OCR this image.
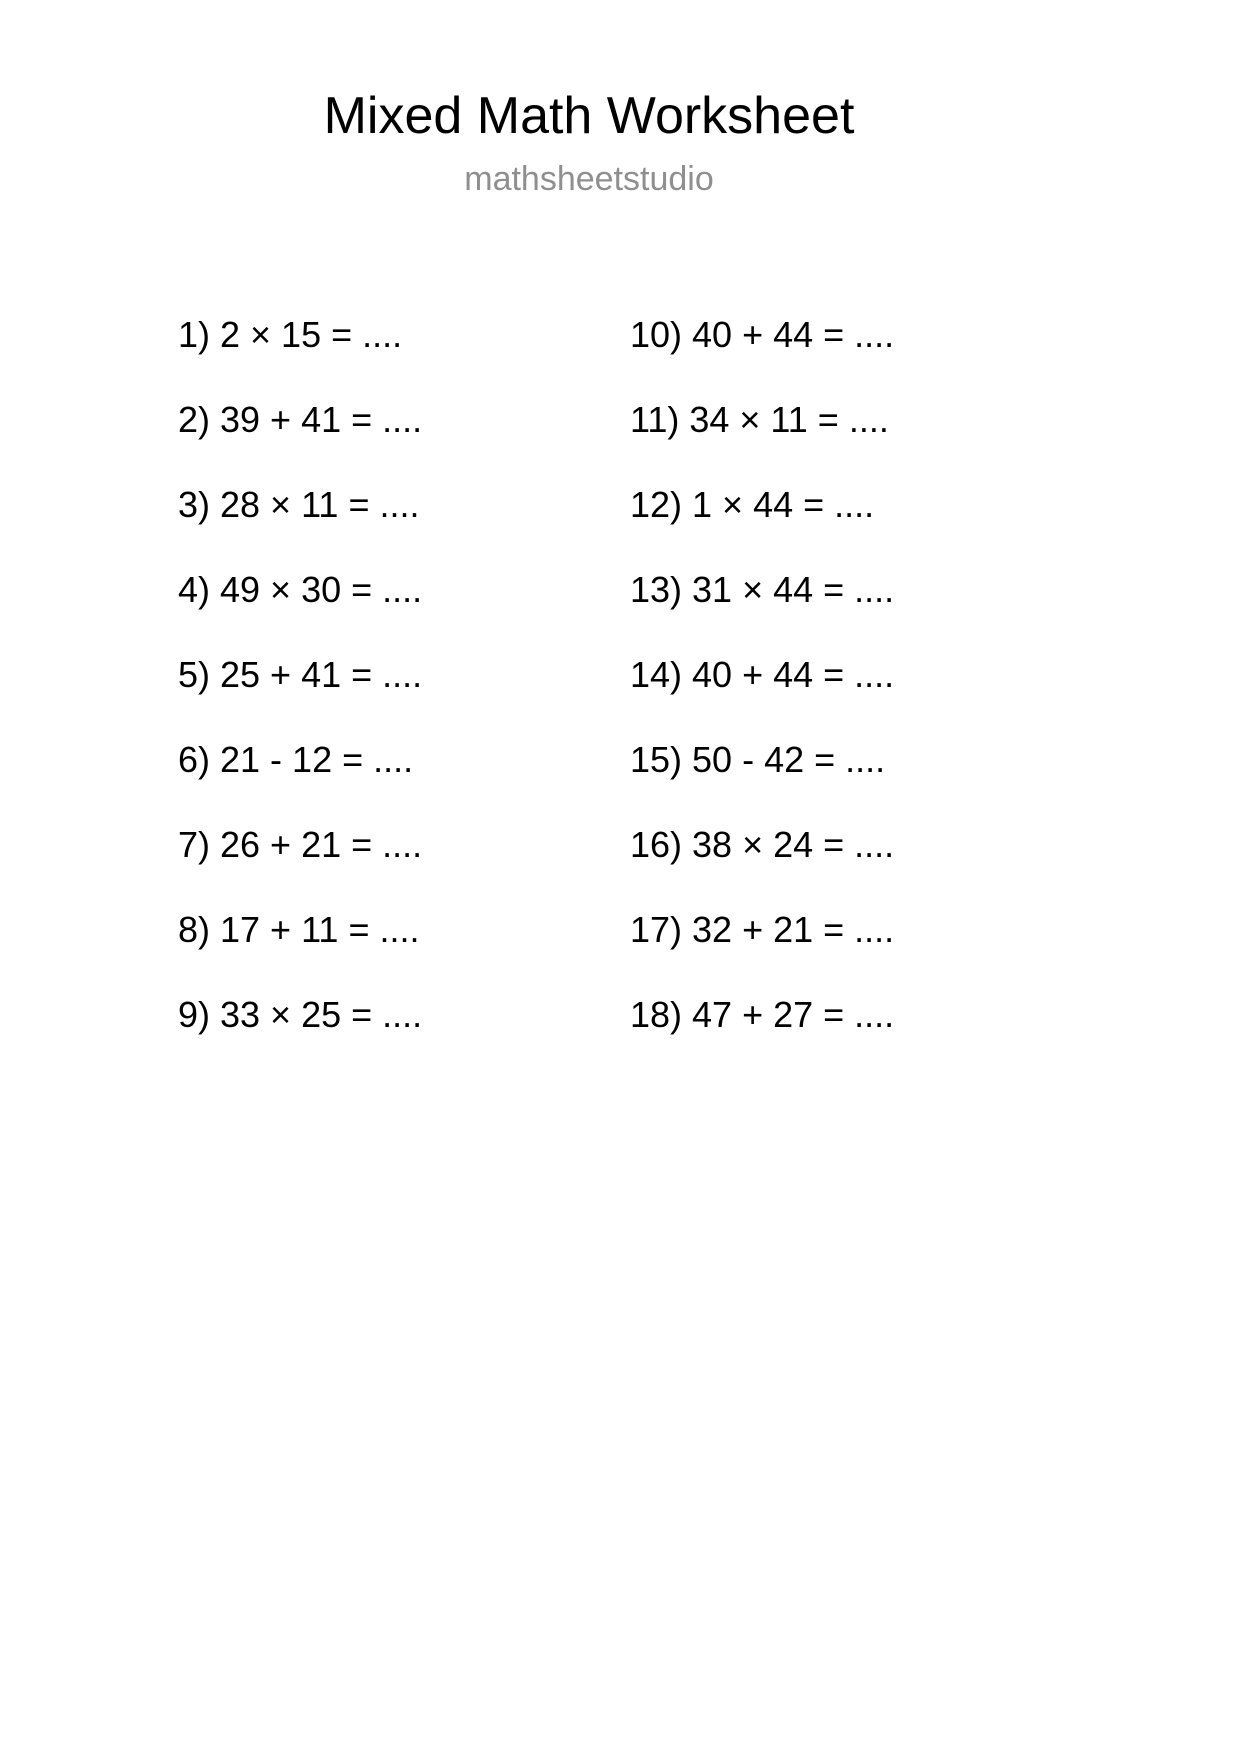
Mixed Math Worksheet
mathsheetstudio
1) 2 × 15 = ....
2) 39 + 41 = ....
3) 28 × 11 = ....
4) 49 × 30 = ....
5) 25 + 41 = ....
6) 21 - 12 = ....
7) 26 + 21 = ....
8) 17 + 11 = ....
9) 33 × 25 = ....
10) 40 + 44 = ....
11) 34 × 11 = ....
12) 1 × 44 = ....
13) 31 × 44 = ....
14) 40 + 44 = ....
15) 50 - 42 = ....
16) 38 × 24 = ....
17) 32 + 21 = ....
18) 47 + 27 = ....
